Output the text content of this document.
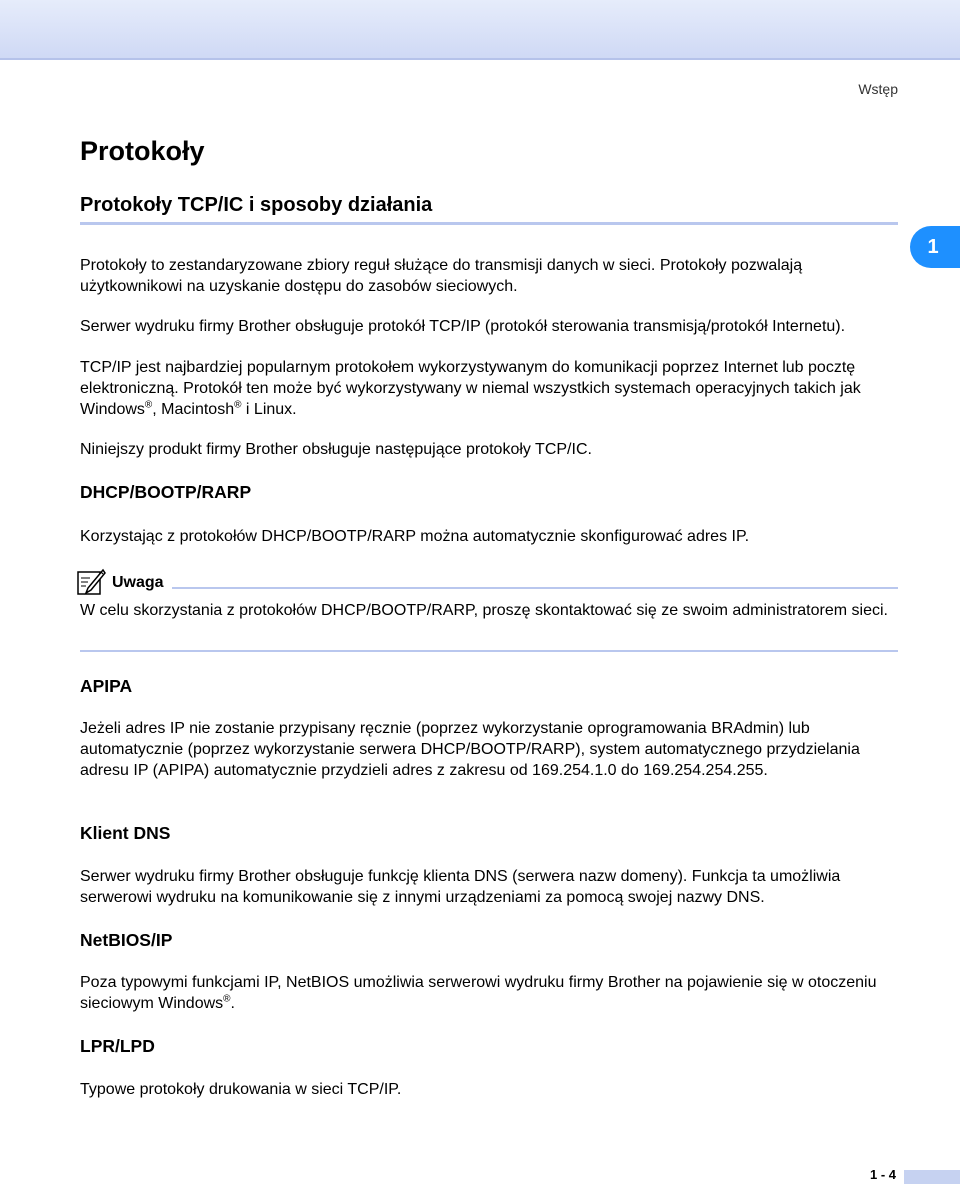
Wstęp
1
Protokoły
Protokoły TCP/IC i sposoby działania

Protokoły to zestandaryzowane zbiory reguł służące do transmisji danych w sieci. Protokoły pozwalają użytkownikowi na uzyskanie dostępu do zasobów sieciowych.

Serwer wydruku firmy Brother obsługuje protokół TCP/IP (protokół sterowania transmisją/protokół Internetu).

TCP/IP jest najbardziej popularnym protokołem wykorzystywanym do komunikacji poprzez Internet lub pocztę elektroniczną. Protokół ten może być wykorzystywany w niemal wszystkich systemach operacyjnych takich jak Windows®, Macintosh® i Linux.

Niniejszy produkt firmy Brother obsługuje następujące protokoły TCP/IC.

DHCP/BOOTP/RARP

Korzystając z protokołów DHCP/BOOTP/RARP można automatycznie skonfigurować adres IP.

Uwaga

W celu skorzystania z protokołów DHCP/BOOTP/RARP, proszę skontaktować się ze swoim administratorem sieci.

APIPA

Jeżeli adres IP nie zostanie przypisany ręcznie (poprzez wykorzystanie oprogramowania BRAdmin) lub automatycznie (poprzez wykorzystanie serwera DHCP/BOOTP/RARP), system automatycznego przydzielania adresu IP (APIPA) automatycznie przydzieli adres z zakresu od 169.254.1.0 do 169.254.254.255.

Klient DNS

Serwer wydruku firmy Brother obsługuje funkcję klienta DNS (serwera nazw domeny). Funkcja ta umożliwia serwerowi wydruku na komunikowanie się z innymi urządzeniami za pomocą swojej nazwy DNS.

NetBIOS/IP

Poza typowymi funkcjami IP, NetBIOS umożliwia serwerowi wydruku firmy Brother na pojawienie się w otoczeniu sieciowym Windows®.

LPR/LPD

Typowe protokoły drukowania w sieci TCP/IP.

1 - 4
